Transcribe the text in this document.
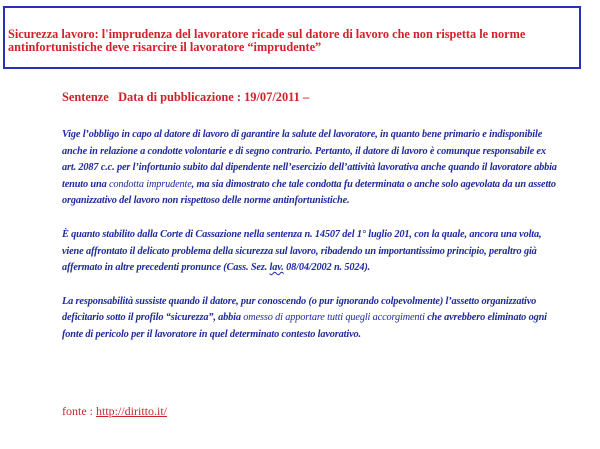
Sicurezza lavoro: l'imprudenza del lavoratore ricade sul datore di lavoro che non rispetta le norme antinfortunistiche deve risarcire il lavoratore “imprudente”

Sentenze Data di pubblicazione : 19/07/2011 –

Vige l’obbligo in capo al datore di lavoro di garantire la salute del lavoratore, in quanto bene primario e indisponibile anche in relazione a condotte volontarie e di segno contrario. Pertanto, il datore di lavoro è comunque responsabile ex art. 2087 c.c. per l’infortunio subito dal dipendente nell’esercizio dell’attività lavorativa anche quando il lavoratore abbia tenuto una condotta imprudente, ma sia dimostrato che tale condotta fu determinata o anche solo agevolata da un assetto organizzativo del lavoro non rispettoso delle norme antinfortunistiche.

È quanto stabilito dalla Corte di Cassazione nella sentenza n. 14507 del 1° luglio 201, con la quale, ancora una volta, viene affrontato il delicato problema della sicurezza sul lavoro, ribadendo un importantissimo principio, peraltro già affermato in altre precedenti pronunce (Cass. Sez. lav. 08/04/2002 n. 5024).

La responsabilità sussiste quando il datore, pur conoscendo (o pur ignorando colpevolmente) l’assetto organizzativo deficitario sotto il profilo “sicurezza”, abbia omesso di apportare tutti quegli accorgimenti che avrebbero eliminato ogni fonte di pericolo per il lavoratore in quel determinato contesto lavorativo.

fonte : http://diritto.it/
